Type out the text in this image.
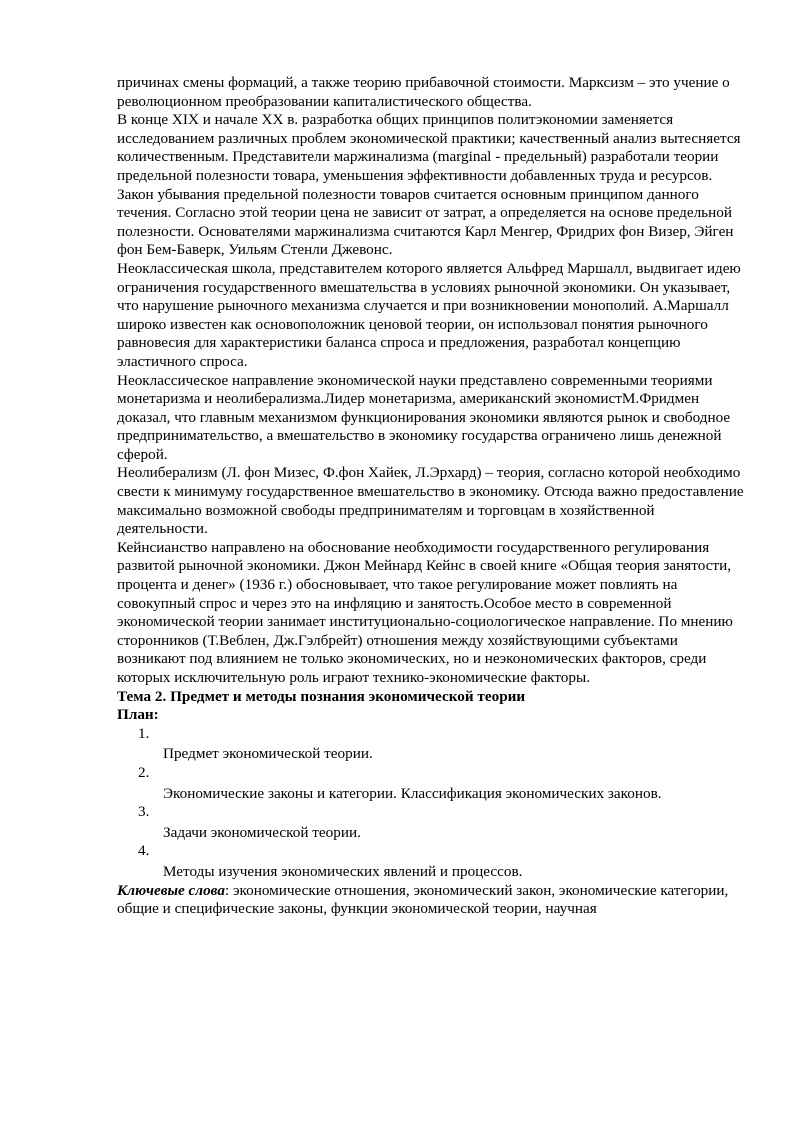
причинах смены формаций, а также теорию прибавочной стоимости. Марксизм – это учение о революционном преобразовании капиталистического общества.

В конце XIX и начале XX в. разработка общих принципов политэкономии заменяется исследованием различных проблем экономической практики; качественный анализ вытесняется количественным. Представители маржинализма (marginal - предельный) разработали теории предельной полезности товара, уменьшения эффективности добавленных труда и ресурсов. Закон убывания предельной полезности товаров считается основным принципом данного течения. Согласно этой теории цена не зависит от затрат, а определяется на основе предельной полезности. Основателями маржинализма считаются Карл Менгер, Фридрих фон Визер, Эйген фон Бем-Баверк, Уильям Стенли Джевонс.

Неоклассическая школа, представителем которого является Альфред Маршалл, выдвигает идею ограничения государственного вмешательства в условиях рыночной экономики. Он указывает, что нарушение рыночного механизма случается и при возникновении монополий. А.Маршалл широко известен как основоположник ценовой теории, он использовал понятия рыночного равновесия для характеристики баланса спроса и предложения, разработал концепцию эластичного спроса.

Неоклассическое направление экономической науки представлено современными теориями монетаризма и неолиберализма.Лидер монетаризма, американский экономистМ.Фридмен доказал, что главным механизмом функционирования экономики являются рынок и свободное предпринимательство, а вмешательство в экономику государства ограничено лишь денежной сферой.

Неолиберализм (Л. фон Мизес, Ф.фон Хайек, Л.Эрхард) – теория, согласно которой необходимо свести к минимуму государственное вмешательство в экономику. Отсюда важно предоставление максимально возможной свободы предпринимателям и торговцам в хозяйственной деятельности.

Кейнсианство направлено на обоснование необходимости государственного регулирования развитой рыночной экономики. Джон Мейнард Кейнс в своей книге «Общая теория занятости, процента и денег» (1936 г.) обосновывает, что такое регулирование может повлиять на совокупный спрос и через это на инфляцию и занятость.Особое место в современной экономической теории занимает институционально-социологическое направление. По мнению сторонников (Т.Веблен, Дж.Гэлбрейт) отношения между хозяйствующими субъектами возникают под влиянием не только экономических, но и неэкономических факторов, среди которых исключительную роль играют технико-экономические факторы.

Тема 2. Предмет и методы познания экономической теории

План:

1.
Предмет экономической теории.
2.
Экономические законы и категории. Классификация экономических законов.
3.
Задачи экономической теории.
4.
Методы изучения экономических явлений и процессов.

Ключевые слова: экономические отношения, экономический закон, экономические категории, общие и специфические законы, функции экономической теории, научная
